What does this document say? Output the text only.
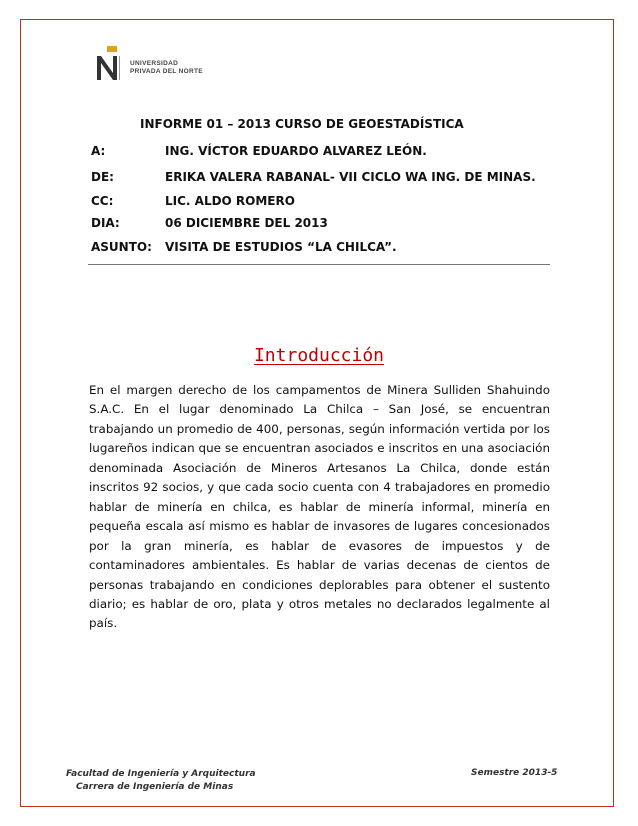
UNIVERSIDAD
PRIVADA DEL NORTE
INFORME 01 – 2013 CURSO DE GEOESTADÍSTICA
A:	ING. VÍCTOR EDUARDO ALVAREZ LEÓN.
DE:	ERIKA VALERA RABANAL- VII CICLO WA ING. DE MINAS.
CC:	LIC. ALDO ROMERO
DIA:	06 DICIEMBRE DEL 2013
ASUNTO: VISITA DE ESTUDIOS “LA CHILCA”.
Introducción
En el margen derecho de los campamentos de Minera Sulliden Shahuindo S.A.C. En el lugar denominado La Chilca – San José, se encuentran trabajando un promedio de 400, personas, según información vertida por los lugareños indican que se encuentran asociados e inscritos en una asociación denominada Asociación de Mineros Artesanos La Chilca, donde están inscritos 92 socios, y que cada socio cuenta con 4 trabajadores en promedio hablar de minería en chilca, es hablar de minería informal, minería en pequeña escala así mismo es hablar de invasores de lugares concesionados por la gran minería, es hablar de evasores de impuestos y de contaminadores ambientales. Es hablar de varias decenas de cientos de personas trabajando en condiciones deplorables para obtener el sustento diario; es hablar de oro, plata y otros metales no declarados legalmente al país.
Facultad de Ingeniería y Arquitectura
Carrera de Ingeniería de Minas
Semestre 2013-5
